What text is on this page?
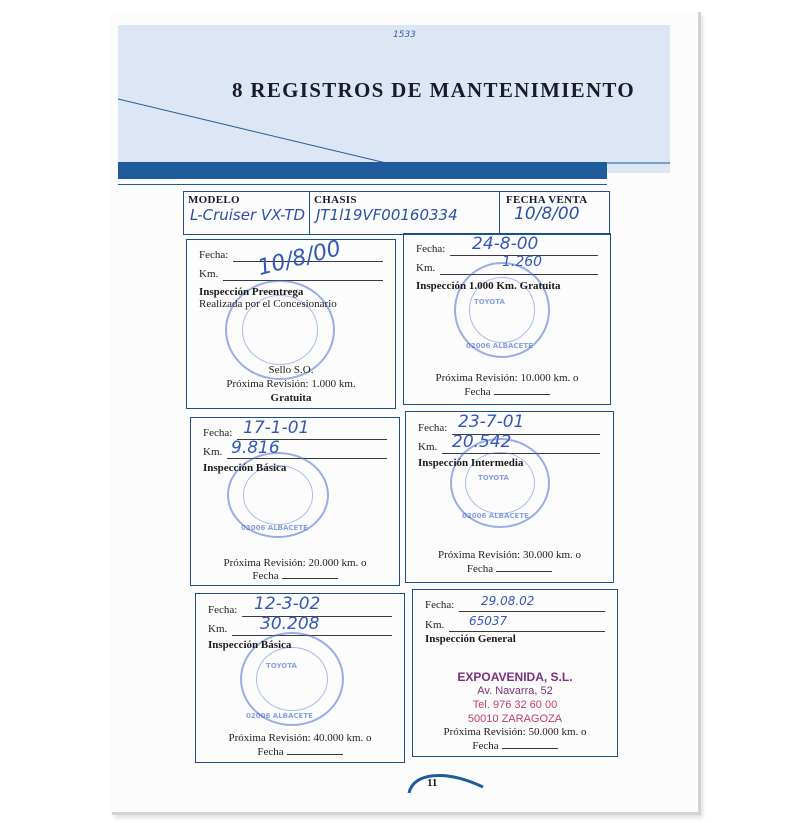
1533
8 REGISTROS DE MANTENIMIENTO
MODELO
L-Cruiser VX-TD
CHASIS
JT1l19VF00160334
FECHA VENTA
10/8/00
Fecha:
Km. 10/8/00
Inspección Preentrega
Realizada por el Concesionario
Sello S.O.
Próxima Revisión: 1.000 km.
Gratuita
Fecha: 24-8-00
Km.	1.260
TOYOTA
02006 ALBACETE
Inspección 1.000 Km. Gratuita
Próxima Revisión: 10.000 km. o
Fecha
Fecha: 17-1-01
Km. 9.816
02006 ALBACETE
Inspección Básica
Próxima Revisión: 20.000 km. o
Fecha
Fecha: 23-7-01
Km. 20.542
TOYOTA
02006 ALBACETE
Inspección Intermedia
Próxima Revisión: 30.000 km. o
Fecha
Fecha: 12-3-02
Km. 30.208
TOYOTA
02006 ALBACETE
Inspección Básica
Próxima Revisión: 40.000 km. o
Fecha
Fecha: 29.08.02
Km. 65037
Inspección General
EXPOAVENIDA, S.L.
Av. Navarra, 52
Tel. 976 32 60 00
50010 ZARAGOZA
Próxima Revisión: 50.000 km. o
Fecha
11
